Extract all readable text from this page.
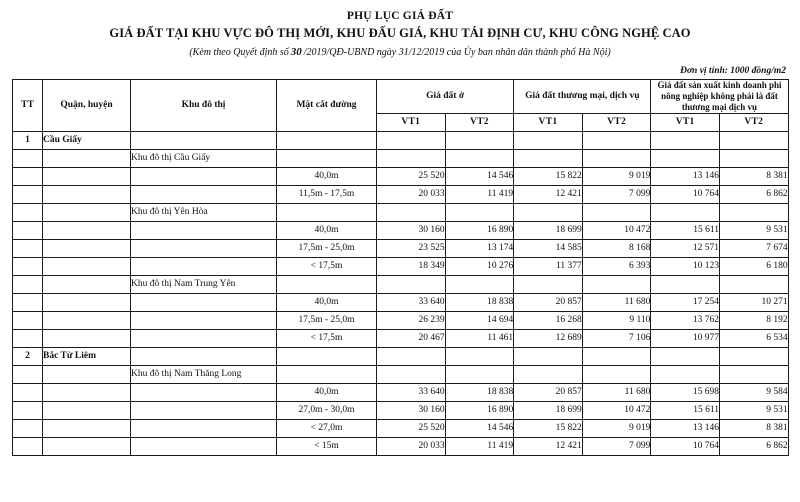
PHỤ LỤC GIÁ ĐẤT
GIÁ ĐẤT TẠI KHU VỰC ĐÔ THỊ MỚI, KHU ĐẤU GIÁ, KHU TÁI ĐỊNH CƯ, KHU CÔNG NGHỆ CAO
(Kèm theo Quyết định số 30 /2019/QĐ-UBND ngày 31/12/2019 của Ủy ban nhân dân thành phố Hà Nội)
Đơn vị tính: 1000 đồng/m2
TT	Quận, huyện	Khu đô thị	Mặt cắt đường	Giá đất ở		Giá đất thương mại, dịch vụ		Giá đất sản xuất kinh doanh phi nông nghiệp không phải là đất thương mại dịch vụ	
				VT1	VT2	VT1	VT2	VT1	VT2
1	Cầu Giấy								
		Khu đô thị Cầu Giấy							
			40,0m	25 520	14 546	15 822	9 019	13 146	8 381
			11,5m - 17,5m	20 033	11 419	12 421	7 099	10 764	6 862
		Khu đô thị Yên Hòa							
			40,0m	30 160	16 890	18 699	10 472	15 611	9 531
			17,5m - 25,0m	23 525	13 174	14 585	8 168	12 571	7 674
			< 17,5m	18 349	10 276	11 377	6 393	10 123	6 180
		Khu đô thị Nam Trung Yên							
			40,0m	33 640	18 838	20 857	11 680	17 254	10 271
			17,5m - 25,0m	26 239	14 694	16 268	9 110	13 762	8 192
			< 17,5m	20 467	11 461	12 689	7 106	10 977	6 534
2	Bắc Từ Liêm								
		Khu đô thị Nam Thăng Long							
			40,0m	33 640	18 838	20 857	11 680	15 698	9 584
			27,0m - 30,0m	30 160	16 890	18 699	10 472	15 611	9 531
			< 27,0m	25 520	14 546	15 822	9 019	13 146	8 381
			< 15m	20 033	11 419	12 421	7 099	10 764	6 862
